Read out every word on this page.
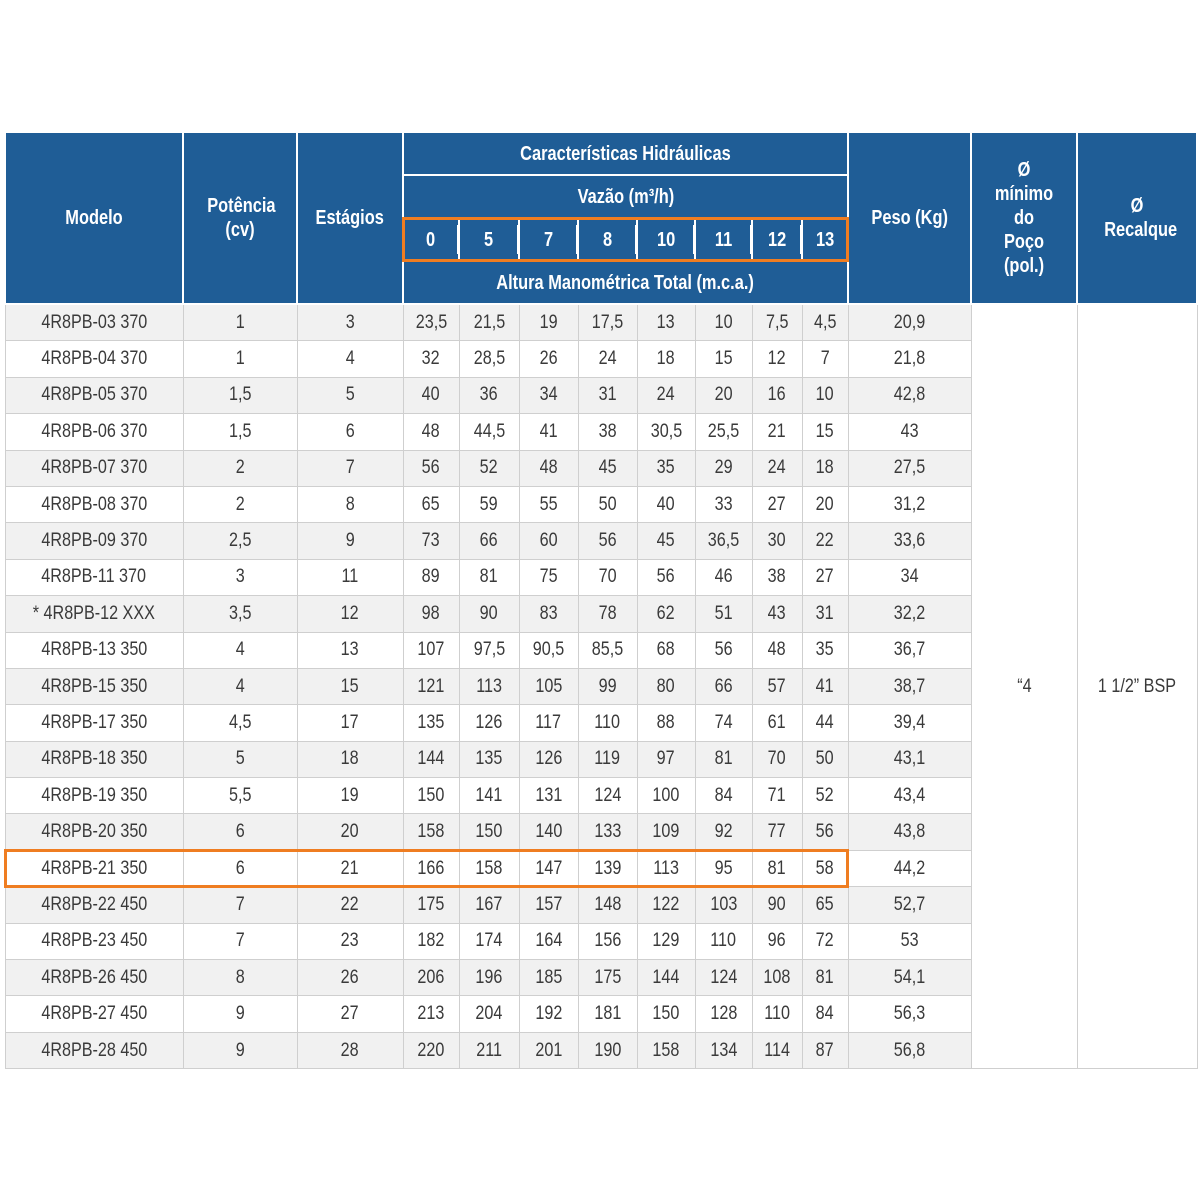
Modelo	Potência (cv)	Estágios	Características Hidráulicas								Peso (Kg)	Ø mínimo do Poço (pol.)	Ø Recalque
			Vazão (m³/h)										
			0	5	7	8	10	11	12	13			
			Altura Manométrica Total (m.c.a.)										
4R8PB-03 370	1	3	23,5	21,5	19	17,5	13	10	7,5	4,5	20,9	“4	1 1/2” BSP
4R8PB-04 370	1	4	32	28,5	26	24	18	15	12	7	21,8		
4R8PB-05 370	1,5	5	40	36	34	31	24	20	16	10	42,8		
4R8PB-06 370	1,5	6	48	44,5	41	38	30,5	25,5	21	15	43		
4R8PB-07 370	2	7	56	52	48	45	35	29	24	18	27,5		
4R8PB-08 370	2	8	65	59	55	50	40	33	27	20	31,2		
4R8PB-09 370	2,5	9	73	66	60	56	45	36,5	30	22	33,6		
4R8PB-11 370	3	11	89	81	75	70	56	46	38	27	34		
* 4R8PB-12 XXX	3,5	12	98	90	83	78	62	51	43	31	32,2		
4R8PB-13 350	4	13	107	97,5	90,5	85,5	68	56	48	35	36,7		
4R8PB-15 350	4	15	121	113	105	99	80	66	57	41	38,7		
4R8PB-17 350	4,5	17	135	126	117	110	88	74	61	44	39,4		
4R8PB-18 350	5	18	144	135	126	119	97	81	70	50	43,1		
4R8PB-19 350	5,5	19	150	141	131	124	100	84	71	52	43,4		
4R8PB-20 350	6	20	158	150	140	133	109	92	77	56	43,8		
4R8PB-21 350	6	21	166	158	147	139	113	95	81	58	44,2		
4R8PB-22 450	7	22	175	167	157	148	122	103	90	65	52,7		
4R8PB-23 450	7	23	182	174	164	156	129	110	96	72	53		
4R8PB-26 450	8	26	206	196	185	175	144	124	108	81	54,1		
4R8PB-27 450	9	27	213	204	192	181	150	128	110	84	56,3		
4R8PB-28 450	9	28	220	211	201	190	158	134	114	87	56,8		
